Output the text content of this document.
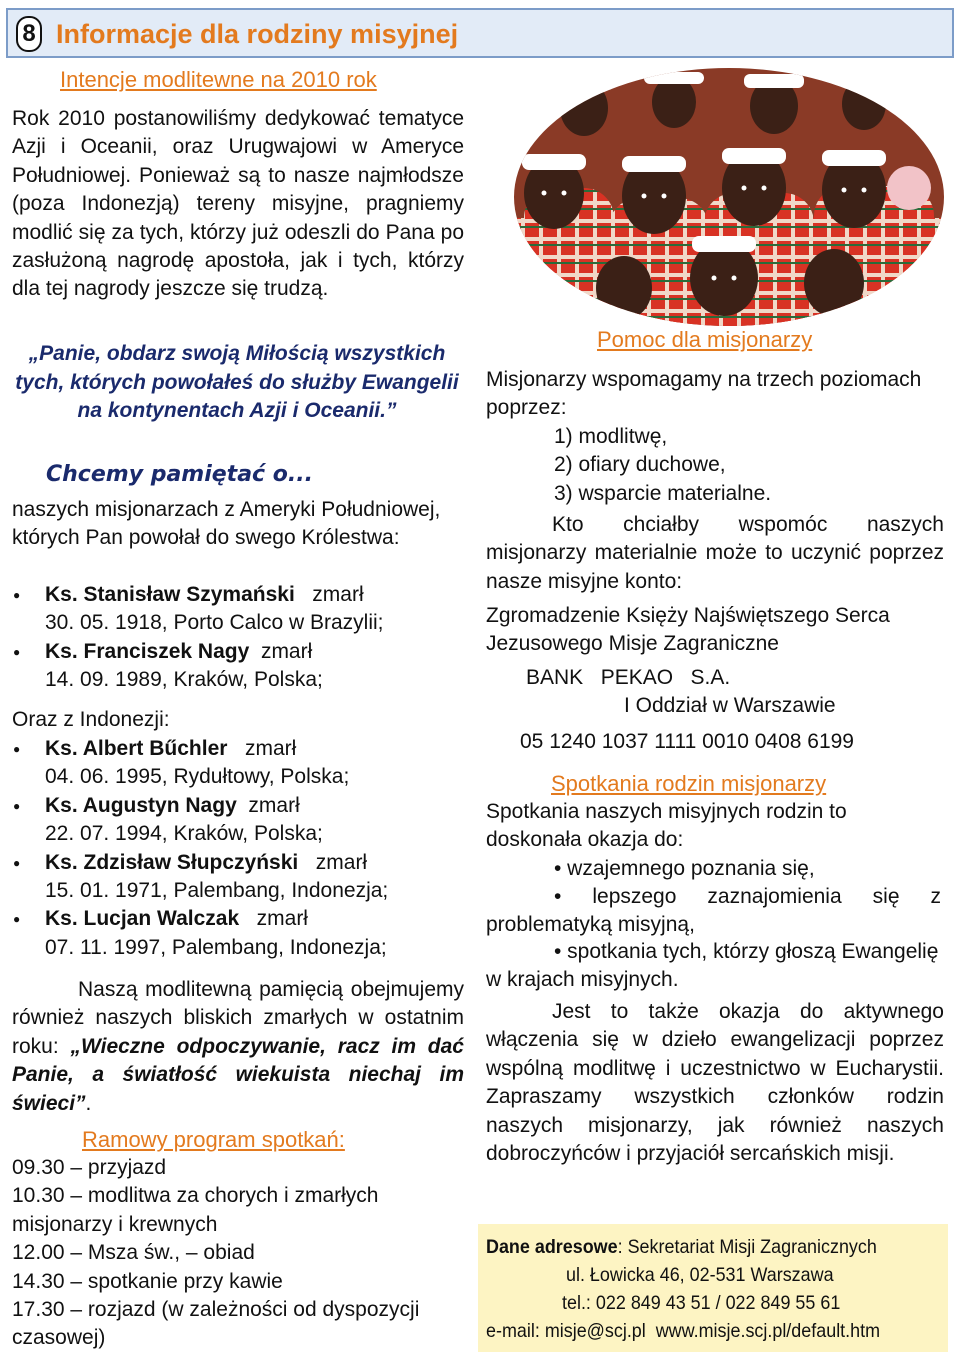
8 Informacje dla rodziny misyjnej
Intencje modlitewne na 2010 rok
Rok 2010 postanowiliśmy dedykować tematyce Azji i Oceanii, oraz Urugwajowi w Ameryce Południowej. Ponieważ są to nasze najmłodsze (poza Indonezją) tereny misyjne, pragniemy modlić się za tych, którzy już odeszli do Pana po zasłużoną nagrodę apostoła, jak i tych, którzy dla tej nagrody jeszcze się trudzą.
„Panie, obdarz swoją Miłością wszystkich tych, których powołałeś do służby Ewangelii na kontynentach Azji i Oceanii.”
Chcemy pamiętać o...
naszych misjonarzach z Ameryki Południowej, których Pan powołał do swego Królestwa:
● Ks. Stanisław Szymański zmarł
30. 05. 1918, Porto Calco w Brazylii;
● Ks. Franciszek Nagy zmarł
14. 09. 1989, Kraków, Polska;
Oraz z Indonezji:
● Ks. Albert Bűchler zmarł
04. 06. 1995, Rydułtowy, Polska;
● Ks. Augustyn Nagy zmarł
22. 07. 1994, Kraków, Polska;
● Ks. Zdzisław Słupczyński zmarł
15. 01. 1971, Palembang, Indonezja;
● Ks. Lucjan Walczak zmarł
07. 11. 1997, Palembang, Indonezja;
Naszą modlitewną pamięcią obejmujemy również naszych bliskich zmarłych w ostatnim roku: „Wieczne odpoczywanie, racz im dać Panie, a światłość wiekuista niechaj im świeci”.
Ramowy program spotkań:
09.30 – przyjazd
10.30 – modlitwa za chorych i zmarłych misjonarzy i krewnych
12.00 – Msza św., – obiad
14.30 – spotkanie przy kawie
17.30 – rozjazd (w zależności od dyspozycji czasowej)
Pomoc dla misjonarzy
Misjonarzy wspomagamy na trzech poziomach poprzez:
1) modlitwę,
2) ofiary duchowe,
3) wsparcie materialne.
Kto chciałby wspomóc naszych misjonarzy materialnie może to uczynić poprzez nasze misyjne konto:
Zgromadzenie Księży Najświętszego Serca Jezusowego Misje Zagraniczne
BANK   PEKAO   S.A.
I Oddział w Warszawie
05 1240 1037 1111 0010 0408 6199
Spotkania rodzin misjonarzy
Spotkania naszych misyjnych rodzin to doskonała okazja do:
• wzajemnego poznania się,
• lepszego zaznajomienia się z problematyką misyjną,
• spotkania tych, którzy głoszą Ewangelię w krajach misyjnych.
Jest to także okazja do aktywnego włączenia się w dzieło ewangelizacji poprzez wspólną modlitwę i uczestnictwo w Eucharystii. Zapraszamy wszystkich członków rodzin naszych misjonarzy, jak również naszych dobroczyńców i przyjaciół sercańskich misji.
Dane adresowe: Sekretariat Misji Zagranicznych
ul. Łowicka 46, 02-531 Warszawa
tel.: 022 849 43 51 / 022 849 55 61
e-mail: misje@scj.pl  www.misje.scj.pl/default.htm
